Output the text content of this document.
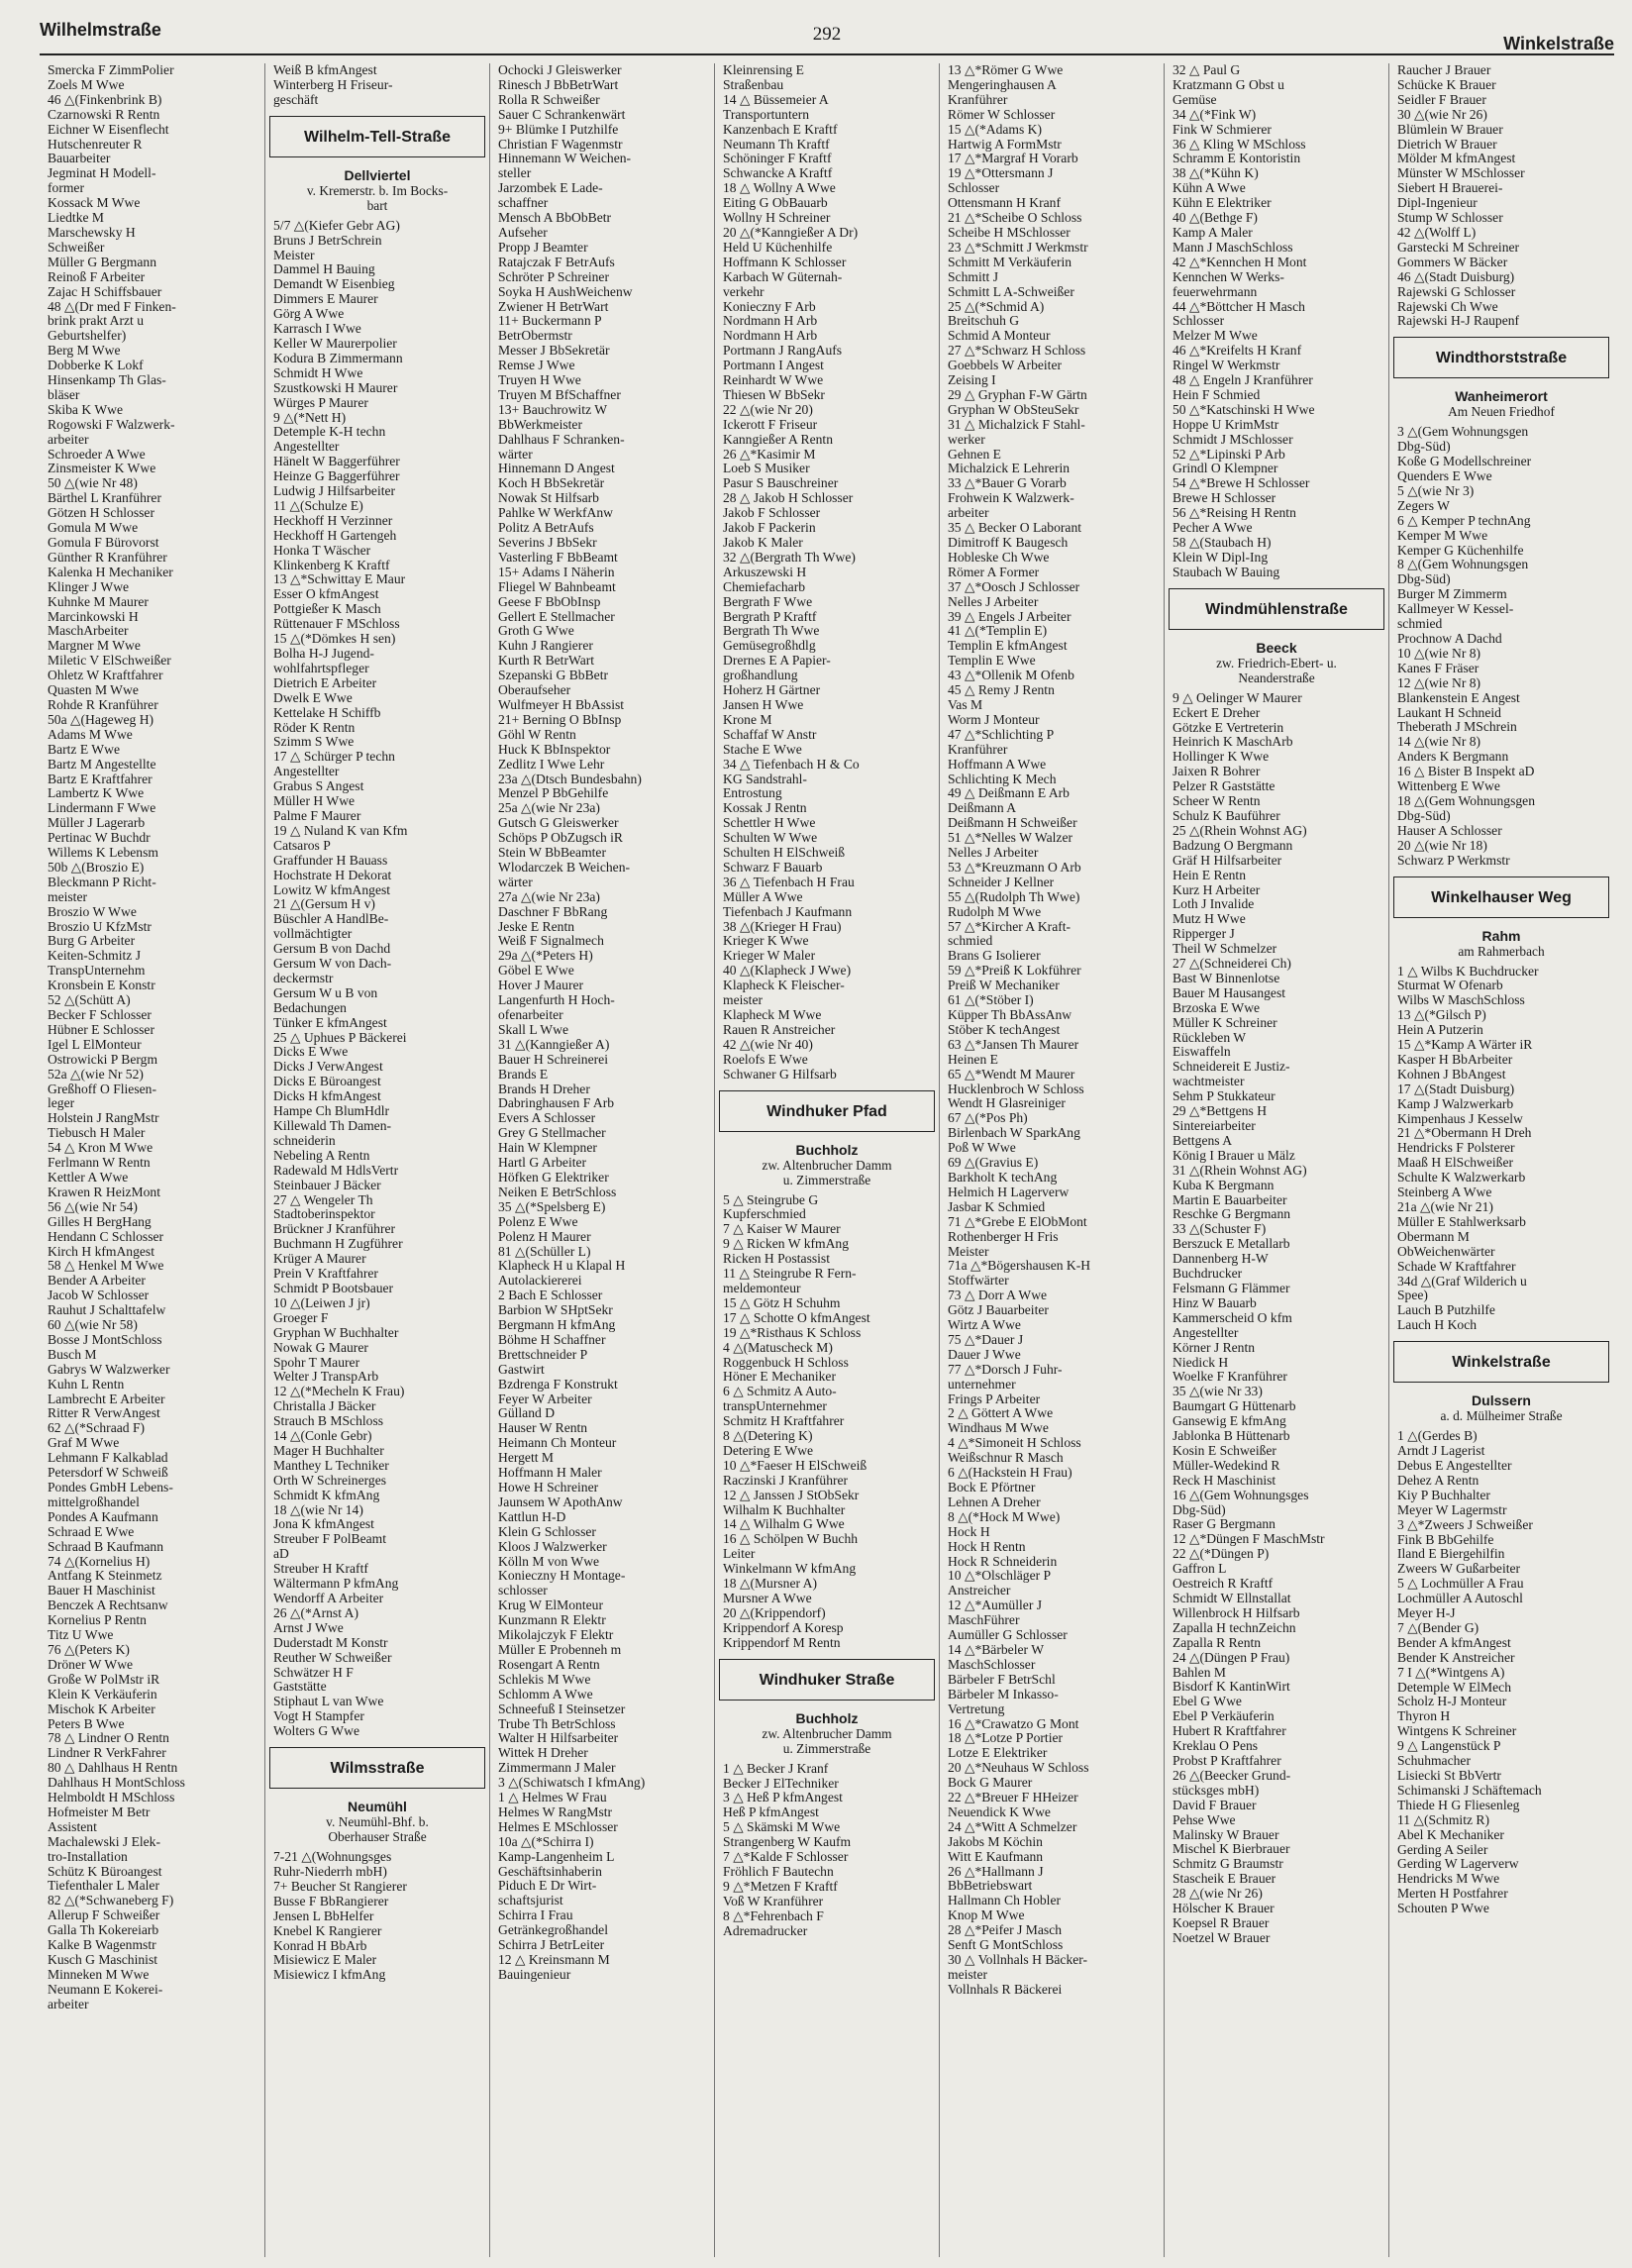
Wilhelmstraße	292	Winkelstraße
Smercka F ZimmPolier
Zoels M Wwe
46 △(Finkenbrink B)
Czarnowski R Rentn
Eichner W Eisenflecht
Hutschenreuter R
Bauarbeiter
Jegminat H Modell-
former
Kossack M Wwe
Liedtke M
Marschewsky H
Schweißer
Müller G Bergmann
Reinoß F Arbeiter
Zajac H Schiffsbauer
48 △(Dr med F Finken-
brink prakt Arzt u
Geburtshelfer)
Berg M Wwe
Dobberke K Lokf
Hinsenkamp Th Glas-
bläser
Skiba K Wwe
Rogowski F Walzwerk-
arbeiter
Schroeder A Wwe
Zinsmeister K Wwe
50 △(wie Nr 48)
Bärthel L Kranführer
Götzen H Schlosser
Gomula M Wwe
Gomula F Bürovorst
Günther R Kranführer
Kalenka H Mechaniker
Klinger J Wwe
Kuhnke M Maurer
Marcinkowski H
MaschArbeiter
Margner M Wwe
Miletic V ElSchweißer
Ohletz W Kraftfahrer
Quasten M Wwe
Rohde R Kranführer
50a △(Hageweg H)
Adams M Wwe
Bartz E Wwe
Bartz M Angestellte
Bartz E Kraftfahrer
Lambertz K Wwe
Lindermann F Wwe
Müller J Lagerarb
Pertinac W Buchdr
Willems K Lebensm
50b △(Broszio E)
Bleckmann P Richt-
meister
Broszio W Wwe
Broszio U KfzMstr
Burg G Arbeiter
Keiten-Schmitz J
TranspUnternehm
Kronsbein E Konstr
52 △(Schütt A)
Becker F Schlosser
Hübner E Schlosser
Igel L ElMonteur
Ostrowicki P Bergm
52a △(wie Nr 52)
Greßhoff O Fliesen-
leger
Holstein J RangMstr
Tiebusch H Maler
54 △ Kron M Wwe
Ferlmann W Rentn
Kettler A Wwe
Krawen R HeizMont
56 △(wie Nr 54)
Gilles H BergHang
Hendann C Schlosser
Kirch H kfmAngest
58 △ Henkel M Wwe
Bender A Arbeiter
Jacob W Schlosser
Rauhut J Schalttafelw
60 △(wie Nr 58)
Bosse J MontSchloss
Busch M
Gabrys W Walzwerker
Kuhn L Rentn
Lambrecht E Arbeiter
Ritter R VerwAngest
62 △(*Schraad F)
Graf M Wwe
Lehmann F Kalkablad
Petersdorf W Schweiß
Pondes GmbH Lebens-
mittelgroßhandel
Pondes A Kaufmann
Schraad E Wwe
Schraad B Kaufmann
74 △(Kornelius H)
Antfang K Steinmetz
Bauer H Maschinist
Benczek A Rechtsanw
Kornelius P Rentn
Titz U Wwe
76 △(Peters K)
Dröner W Wwe
Große W PolMstr iR
Klein K Verkäuferin
Mischok K Arbeiter
Peters B Wwe
78 △ Lindner O Rentn
Lindner R VerkFahrer
80 △ Dahlhaus H Rentn
Dahlhaus H MontSchloss
Helmboldt H MSchloss
Hofmeister M Betr
Assistent
Machalewski J Elek-
tro-Installation
Schütz K Büroangest
Tiefenthaler L Maler
82 △(*Schwaneberg F)
Allerup F Schweißer
Galla Th Kokereiarb
Kalke B Wagenmstr
Kusch G Maschinist
Minneken M Wwe
Neumann E Kokerei-
arbeiter
Weiß B kfmAngest
Winterberg H Friseur-
geschäft
Wilhelm-Tell-Straße
Dellviertel
v. Kremerstr. b. Im Bocks-
bart
5/7 △(Kiefer Gebr AG)
Bruns J BetrSchrein
Meister
Dammel H Bauing
Demandt W Eisenbieg
Dimmers E Maurer
Görg A Wwe
Karrasch I Wwe
Keller W Maurerpolier
Kodura B Zimmermann
Schmidt H Wwe
Szustkowski H Maurer
Würges P Maurer
9 △(*Nett H)
Detemple K-H techn
Angestellter
Hänelt W Baggerführer
Heinze G Baggerführer
Ludwig J Hilfsarbeiter
11 △(Schulze E)
Heckhoff H Verzinner
Heckhoff H Gartengeh
Honka T Wäscher
Klinkenberg K Kraftf
13 △*Schwittay E Maur
Esser O kfmAngest
Pottgießer K Masch
Rüttenauer F MSchloss
15 △(*Dömkes H sen)
Bolha H-J Jugend-
wohlfahrtspfleger
Dietrich E Arbeiter
Dwelk E Wwe
Kettelake H Schiffb
Röder K Rentn
Szimm S Wwe
17 △ Schürger P techn
Angestellter
Grabus S Angest
Müller H Wwe
Palme F Maurer
19 △ Nuland K van Kfm
Catsaros P
Graffunder H Bauass
Hochstrate H Dekorat
Lowitz W kfmAngest
21 △(Gersum H v)
Büschler A HandlBe-
vollmächtigter
Gersum B von Dachd
Gersum W von Dach-
deckermstr
Gersum W u B von
Bedachungen
Tünker E kfmAngest
25 △ Uphues P Bäckerei
Dicks E Wwe
Dicks J VerwAngest
Dicks E Büroangest
Dicks H kfmAngest
Hampe Ch BlumHdlr
Killewald Th Damen-
schneiderin
Nebeling A Rentn
Radewald M HdlsVertr
Steinbauer J Bäcker
27 △ Wengeler Th
Stadtoberinspektor
Brückner J Kranführer
Buchmann H Zugführer
Krüger A Maurer
Prein V Kraftfahrer
Schmidt P Bootsbauer
10 △(Leiwen J jr)
Groeger F
Gryphan W Buchhalter
Nowak G Maurer
Spohr T Maurer
Welter J TranspArb
12 △(*Mecheln K Frau)
Christalla J Bäcker
Strauch B MSchloss
14 △(Conle Gebr)
Mager H Buchhalter
Manthey L Techniker
Orth W Schreinerges
Schmidt K kfmAng
18 △(wie Nr 14)
Jona K kfmAngest
Streuber F PolBeamt
aD
Streuber H Kraftf
Wältermann P kfmAng
Wendorff A Arbeiter
26 △(*Arnst A)
Arnst J Wwe
Duderstadt M Konstr
Reuther W Schweißer
Schwätzer H F
Gaststätte
Stiphaut L van Wwe
Vogt H Stampfer
Wolters G Wwe
Wilmsstraße
Neumühl
v. Neumühl-Bhf. b.
Oberhauser Straße
7-21 △(Wohnungsges
Ruhr-Niederrh mbH)
7+ Beucher St Rangierer
Busse F BbRangierer
Jensen L BbHelfer
Knebel K Rangierer
Konrad H BbArb
Misiewicz E Maler
Misiewicz I kfmAng
Ochocki J Gleiswerker
Rinesch J BbBetrWart
Rolla R Schweißer
Sauer C Schrankenwärt
9+ Blümke I Putzhilfe
Christian F Wagenmstr
Hinnemann W Weichen-
steller
Jarzombek E Lade-
schaffner
Mensch A BbObBetr
Aufseher
Propp J Beamter
Ratajczak F BetrAufs
Schröter P Schreiner
Soyka H AushWeichenw
Zwiener H BetrWart
11+ Buckermann P
BetrObermstr
Messer J BbSekretär
Remse J Wwe
Truyen H Wwe
Truyen M BfSchaffner
13+ Bauchrowitz W
BbWerkmeister
Dahlhaus F Schranken-
wärter
Hinnemann D Angest
Koch H BbSekretär
Nowak St Hilfsarb
Pahlke W WerkfAnw
Politz A BetrAufs
Severins J BbSekr
Vasterling F BbBeamt
15+ Adams I Näherin
Fliegel W Bahnbeamt
Geese F BbObInsp
Gellert E Stellmacher
Groth G Wwe
Kuhn J Rangierer
Kurth R BetrWart
Szepanski G BbBetr
Oberaufseher
Wulfmeyer H BbAssist
21+ Berning O BbInsp
Göhl W Rentn
Huck K BbInspektor
Zedlitz I Wwe Lehr
23a △(Dtsch Bundesbahn)
Menzel P BbGehilfe
25a △(wie Nr 23a)
Gutsch G Gleiswerker
Schöps P ObZugsch iR
Stein W BbBeamter
Wlodarczek B Weichen-
wärter
27a △(wie Nr 23a)
Daschner F BbRang
Jeske E Rentn
Weiß F Signalmech
29a △(*Peters H)
Göbel E Wwe
Hover J Maurer
Langenfurth H Hoch-
ofenarbeiter
Skall L Wwe
31 △(Kanngießer A)
Bauer H Schreinerei
Brands E
Brands H Dreher
Dabringhausen F Arb
Evers A Schlosser
Grey G Stellmacher
Hain W Klempner
Hartl G Arbeiter
Höfken G Elektriker
Neiken E BetrSchloss
35 △(*Spelsberg E)
Polenz E Wwe
Polenz H Maurer
81 △(Schüller L)
Klapheck H u Klapal H
Autolackiererei
2 Bach E Schlosser
Barbion W SHptSekr
Bergmann H kfmAng
Böhme H Schaffner
Brettschneider P
Gastwirt
Bzdrenga F Konstrukt
Feyer W Arbeiter
Gülland D
Hauser W Rentn
Heimann Ch Monteur
Hergett M
Hoffmann H Maler
Howe H Schreiner
Jaunsem W ApothAnw
Kattlun H-D
Klein G Schlosser
Kloos J Walzwerker
Kölln M von Wwe
Konieczny H Montage-
schlosser
Krug W ElMonteur
Kunzmann R Elektr
Mikolajczyk F Elektr
Müller E Probenneh m
Rosengart A Rentn
Schlekis M Wwe
Schlomm A Wwe
Schneefuß I Steinsetzer
Trube Th BetrSchloss
Walter H Hilfsarbeiter
Wittek H Dreher
Zimmermann J Maler
3 △(Schiwatsch I kfmAng)
1 △ Helmes W Frau
Helmes W RangMstr
Helmes E MSchlosser
10a △(*Schirra I)
Kamp-Langenheim L
Geschäftsinhaberin
Piduch E Dr Wirt-
schaftsjurist
Schirra I Frau
Getränkegroßhandel
Schirra J BetrLeiter
12 △ Kreinsmann M
Bauingenieur
Kleinrensing E
Straßenbau
14 △ Büssemeier A
Transportuntern
Kanzenbach E Kraftf
Neumann Th Kraftf
Schöninger F Kraftf
Schwancke A Kraftf
18 △ Wollny A Wwe
Eiting G ObBauarb
Wollny H Schreiner
20 △(*Kanngießer A Dr)
Held U Küchenhilfe
Hoffmann K Schlosser
Karbach W Güternah-
verkehr
Konieczny F Arb
Nordmann H Arb
Nordmann H Arb
Portmann J RangAufs
Portmann I Angest
Reinhardt W Wwe
Thiesen W BbSekr
22 △(wie Nr 20)
Ickerott F Friseur
Kanngießer A Rentn
26 △*Kasimir M
Loeb S Musiker
Pasur S Bauschreiner
28 △ Jakob H Schlosser
Jakob F Schlosser
Jakob F Packerin
Jakob K Maler
32 △(Bergrath Th Wwe)
Arkuszewski H
Chemiefacharb
Bergrath F Wwe
Bergrath P Kraftf
Bergrath Th Wwe
Gemüsegroßhdlg
Drernes E A Papier-
großhandlung
Hoherz H Gärtner
Jansen H Wwe
Krone M
Schaffaf W Anstr
Stache E Wwe
34 △ Tiefenbach H & Co
KG Sandstrahl-
Entrostung
Kossak J Rentn
Schettler H Wwe
Schulten W Wwe
Schulten H ElSchweiß
Schwarz F Bauarb
36 △ Tiefenbach H Frau
Müller A Wwe
Tiefenbach J Kaufmann
38 △(Krieger H Frau)
Krieger K Wwe
Krieger W Maler
40 △(Klapheck J Wwe)
Klapheck K Fleischer-
meister
Klapheck M Wwe
Rauen R Anstreicher
42 △(wie Nr 40)
Roelofs E Wwe
Schwaner G Hilfsarb
Windhuker Pfad
Buchholz
zw. Altenbrucher Damm
u. Zimmerstraße
5 △ Steingrube G
Kupferschmied
7 △ Kaiser W Maurer
9 △ Ricken W kfmAng
Ricken H Postassist
11 △ Steingrube R Fern-
meldemonteur
15 △ Götz H Schuhm
17 △ Schotte O kfmAngest
19 △*Risthaus K Schloss
4 △(Matuscheck M)
Roggenbuck H Schloss
Höner E Mechaniker
6 △ Schmitz A Auto-
transpUnternehmer
Schmitz H Kraftfahrer
8 △(Detering K)
Detering E Wwe
10 △*Faeser H ElSchweiß
Raczinski J Kranführer
12 △ Janssen J StObSekr
Wilhalm K Buchhalter
14 △ Wilhalm G Wwe
16 △ Schölpen W Buchh
Leiter
Winkelmann W kfmAng
18 △(Mursner A)
Mursner A Wwe
20 △(Krippendorf)
Krippendorf A Koresp
Krippendorf M Rentn
Windhuker Straße
Buchholz
zw. Altenbrucher Damm
u. Zimmerstraße
1 △ Becker J Kranf
Becker J ElTechniker
3 △ Heß P kfmAngest
Heß P kfmAngest
5 △ Skämski M Wwe
Strangenberg W Kaufm
7 △*Kalde F Schlosser
Fröhlich F Bautechn
9 △*Metzen F Kraftf
Voß W Kranführer
8 △*Fehrenbach F
Adremadrucker
13 △*Römer G Wwe
Mengeringhausen A
Kranführer
Römer W Schlosser
15 △(*Adams K)
Hartwig A FormMstr
17 △*Margraf H Vorarb
19 △*Ottersmann J
Schlosser
Ottensmann H Kranf
21 △*Scheibe O Schloss
Scheibe H MSchlosser
23 △*Schmitt J Werkmstr
Schmitt M Verkäuferin
Schmitt J
Schmitt L A-Schweißer
25 △(*Schmid A)
Breitschuh G
Schmid A Monteur
27 △*Schwarz H Schloss
Goebbels W Arbeiter
Zeising I
29 △ Gryphan F-W Gärtn
Gryphan W ObSteuSekr
31 △ Michalzick F Stahl-
werker
Gehnen E
Michalzick E Lehrerin
33 △*Bauer G Vorarb
Frohwein K Walzwerk-
arbeiter
35 △ Becker O Laborant
Dimitroff K Baugesch
Hobleske Ch Wwe
Römer A Former
37 △*Oosch J Schlosser
Nelles J Arbeiter
39 △ Engels J Arbeiter
41 △(*Templin E)
Templin E kfmAngest
Templin E Wwe
43 △*Ollenik M Ofenb
45 △ Remy J Rentn
Vas M
Worm J Monteur
47 △*Schlichting P
Kranführer
Hoffmann A Wwe
Schlichting K Mech
49 △ Deißmann E Arb
Deißmann A
Deißmann H Schweißer
51 △*Nelles W Walzer
Nelles J Arbeiter
53 △*Kreuzmann O Arb
Schneider J Kellner
55 △(Rudolph Th Wwe)
Rudolph M Wwe
57 △*Kircher A Kraft-
schmied
Brans G Isolierer
59 △*Preiß K Lokführer
Preiß W Mechaniker
61 △(*Stöber I)
Küpper Th BbAssAnw
Stöber K techAngest
63 △*Jansen Th Maurer
Heinen E
65 △*Wendt M Maurer
Hucklenbroch W Schloss
Wendt H Glasreiniger
67 △(*Pos Ph)
Birlenbach W SparkAng
Poß W Wwe
69 △(Gravius E)
Barkholt K techAng
Helmich H Lagerverw
Jasbar K Schmied
71 △*Grebe E ElObMont
Rothenberger H Fris
Meister
71a △*Bögershausen K-H
Stoffwärter
73 △ Dorr A Wwe
Götz J Bauarbeiter
Wirtz A Wwe
75 △*Dauer J
Dauer J Wwe
77 △*Dorsch J Fuhr-
unternehmer
Frings P Arbeiter
2 △ Göttert A Wwe
Windhaus M Wwe
4 △*Simoneit H Schloss
Weißschnur R Masch
6 △(Hackstein H Frau)
Bock E Pförtner
Lehnen A Dreher
8 △(*Hock M Wwe)
Hock H
Hock H Rentn
Hock R Schneiderin
10 △*Olschläger P
Anstreicher
12 △*Aumüller J
MaschFührer
Aumüller G Schlosser
14 △*Bärbeler W
MaschSchlosser
Bärbeler F BetrSchl
Bärbeler M Inkasso-
Vertretung
16 △*Crawatzo G Mont
18 △*Lotze P Portier
Lotze E Elektriker
20 △*Neuhaus W Schloss
Bock G Maurer
22 △*Breuer F HHeizer
Neuendick K Wwe
24 △*Witt A Schmelzer
Jakobs M Köchin
Witt E Kaufmann
26 △*Hallmann J
BbBetriebswart
Hallmann Ch Hobler
Knop M Wwe
28 △*Peifer J Masch
Senft G MontSchloss
30 △ Vollnhals H Bäcker-
meister
Vollnhals R Bäckerei
32 △ Paul G
Kratzmann G Obst u
Gemüse
34 △(*Fink W)
Fink W Schmierer
36 △ Kling W MSchloss
Schramm E Kontoristin
38 △(*Kühn K)
Kühn A Wwe
Kühn E Elektriker
40 △(Bethge F)
Kamp A Maler
Mann J MaschSchloss
42 △*Kennchen H Mont
Kennchen W Werks-
feuerwehrmann
44 △*Böttcher H Masch
Schlosser
Melzer M Wwe
46 △*Kreifelts H Kranf
Ringel W Werkmstr
48 △ Engeln J Kranführer
Hein F Schmied
50 △*Katschinski H Wwe
Hoppe U KrimMstr
Schmidt J MSchlosser
52 △*Lipinski P Arb
Grindl O Klempner
54 △*Brewe H Schlosser
Brewe H Schlosser
56 △*Reising H Rentn
Pecher A Wwe
58 △(Staubach H)
Klein W Dipl-Ing
Staubach W Bauing
Windmühlenstraße
Beeck
zw. Friedrich-Ebert- u.
Neanderstraße
9 △ Oelinger W Maurer
Eckert E Dreher
Götzke E Vertreterin
Heinrich K MaschArb
Hollinger K Wwe
Jaixen R Bohrer
Pelzer R Gaststätte
Scheer W Rentn
Schulz K Bauführer
25 △(Rhein Wohnst AG)
Badzung O Bergmann
Gräf H Hilfsarbeiter
Hein E Rentn
Kurz H Arbeiter
Loth J Invalide
Mutz H Wwe
Ripperger J
Theil W Schmelzer
27 △(Schneiderei Ch)
Bast W Binnenlotse
Bauer M Hausangest
Brzoska E Wwe
Müller K Schreiner
Rückleben W
Eiswaffeln
Schneidereit E Justiz-
wachtmeister
Sehm P Stukkateur
29 △*Bettgens H
Sintereiarbeiter
Bettgens A
König I Brauer u Mälz
31 △(Rhein Wohnst AG)
Kuba K Bergmann
Martin E Bauarbeiter
Reschke G Bergmann
33 △(Schuster F)
Berszuck E Metallarb
Dannenberg H-W
Buchdrucker
Felsmann G Flämmer
Hinz W Bauarb
Kammerscheid O kfm
Angestellter
Körner J Rentn
Niedick H
Woelke F Kranführer
35 △(wie Nr 33)
Baumgart G Hüttenarb
Gansewig E kfmAng
Jablonka B Hüttenarb
Kosin E Schweißer
Müller-Wedekind R
Reck H Maschinist
16 △(Gem Wohnungsges
Dbg-Süd)
Raser G Bergmann
12 △*Düngen F MaschMstr
22 △(*Düngen P)
Gaffron L
Oestreich R Kraftf
Schmidt W Ellnstallat
Willenbrock H Hilfsarb
Zapalla H technZeichn
Zapalla R Rentn
24 △(Düngen P Frau)
Bahlen M
Bisdorf K KantinWirt
Ebel G Wwe
Ebel P Verkäuferin
Hubert R Kraftfahrer
Kreklau O Pens
Probst P Kraftfahrer
26 △(Beecker Grund-
stücksges mbH)
David F Brauer
Pehse Wwe
Malinsky W Brauer
Mischel K Bierbrauer
Schmitz G Braumstr
Stascheik E Brauer
28 △(wie Nr 26)
Hölscher K Brauer
Koepsel R Brauer
Noetzel W Brauer
Raucher J Brauer
Schücke K Brauer
Seidler F Brauer
30 △(wie Nr 26)
Blümlein W Brauer
Dietrich W Brauer
Mölder M kfmAngest
Münster W MSchlosser
Siebert H Brauerei-
Dipl-Ingenieur
Stump W Schlosser
42 △(Wolff L)
Garstecki M Schreiner
Gommers W Bäcker
46 △(Stadt Duisburg)
Rajewski G Schlosser
Rajewski Ch Wwe
Rajewski H-J Raupenf
Windthorststraße
Wanheimerort
Am Neuen Friedhof
3 △(Gem Wohnungsgen
Dbg-Süd)
Koße G Modellschreiner
Quenders E Wwe
5 △(wie Nr 3)
Zegers W
6 △ Kemper P technAng
Kemper M Wwe
Kemper G Küchenhilfe
8 △(Gem Wohnungsgen
Dbg-Süd)
Burger M Zimmerm
Kallmeyer W Kessel-
schmied
Prochnow A Dachd
10 △(wie Nr 8)
Kanes F Fräser
12 △(wie Nr 8)
Blankenstein E Angest
Laukant H Schneid
Theberath J MSchrein
14 △(wie Nr 8)
Anders K Bergmann
16 △ Bister B Inspekt aD
Wittenberg E Wwe
18 △(Gem Wohnungsgen
Dbg-Süd)
Hauser A Schlosser
20 △(wie Nr 18)
Schwarz P Werkmstr
Winkelhauser Weg
Rahm
am Rahmerbach
1 △ Wilbs K Buchdrucker
Sturmat W Ofenarb
Wilbs W MaschSchloss
13 △(*Gilsch P)
Hein A Putzerin
15 △*Kamp A Wärter iR
Kasper H BbArbeiter
Kohnen J BbAngest
17 △(Stadt Duisburg)
Kamp J Walzwerkarb
Kimpenhaus J Kesselw
21 △*Obermann H Dreh
Hendricks F Polsterer
Maaß H ElSchweißer
Schulte K Walzwerkarb
Steinberg A Wwe
21a △(wie Nr 21)
Müller E Stahlwerksarb
Obermann M
ObWeichenwärter
Schade W Kraftfahrer
34d △(Graf Wilderich u
Spee)
Lauch B Putzhilfe
Lauch H Koch
Winkelstraße
Dulssern
a. d. Mülheimer Straße
1 △(Gerdes B)
Arndt J Lagerist
Debus E Angestellter
Dehez A Rentn
Kiy P Buchhalter
Meyer W Lagermstr
3 △*Zweers J Schweißer
Fink B BbGehilfe
Iland E Biergehilfin
Zweers W Gußarbeiter
5 △ Lochmüller A Frau
Lochmüller A Autoschl
Meyer H-J
7 △(Bender G)
Bender A kfmAngest
Bender K Anstreicher
7 I △(*Wintgens A)
Detemple W ElMech
Scholz H-J Monteur
Thyron H
Wintgens K Schreiner
9 △ Langenstück P
Schuhmacher
Lisiecki St BbVertr
Schimanski J Schäftemach
Thiede H G Fliesenleg
11 △(Schmitz R)
Abel K Mechaniker
Gerding A Seiler
Gerding W Lagerverw
Hendricks M Wwe
Merten H Postfahrer
Schouten P Wwe
